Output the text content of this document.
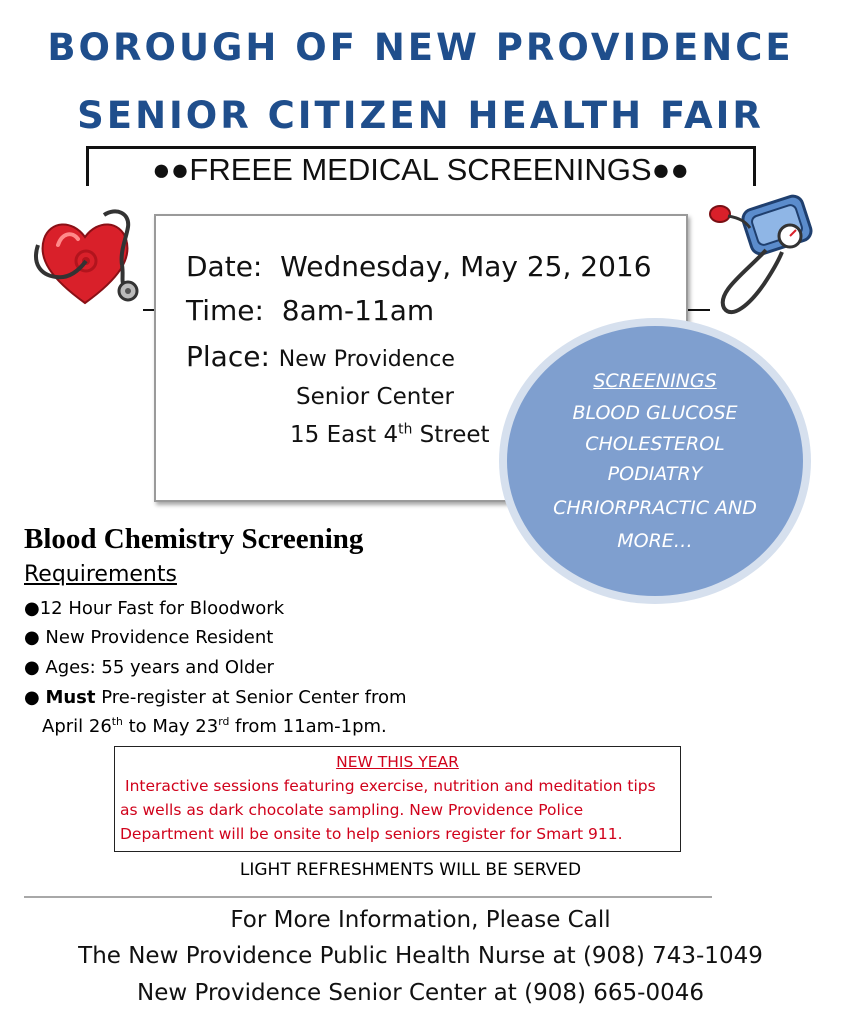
BOROUGH OF NEW PROVIDENCE
SENIOR CITIZEN HEALTH FAIR
●●FREEE MEDICAL SCREENINGS●●
Date: Wednesday, May 25, 2016
Time: 8am-11am
Place: New Providence
Senior Center
15 East 4th Street
SCREENINGS
BLOOD GLUCOSE
CHOLESTEROL
PODIATRY
CHRIORPRACTIC AND
MORE…
Blood Chemistry Screening
Requirements
●12 Hour Fast for Bloodwork
● New Providence Resident
● Ages: 55 years and Older
● Must Pre-register at Senior Center from
April 26th to May 23rd from 11am-1pm.
NEW THIS YEAR
Interactive sessions featuring exercise, nutrition and meditation tips
as wells as dark chocolate sampling. New Providence Police
Department will be onsite to help seniors register for Smart 911.
LIGHT REFRESHMENTS WILL BE SERVED
For More Information, Please Call
The New Providence Public Health Nurse at (908) 743-1049
New Providence Senior Center at (908) 665-0046
